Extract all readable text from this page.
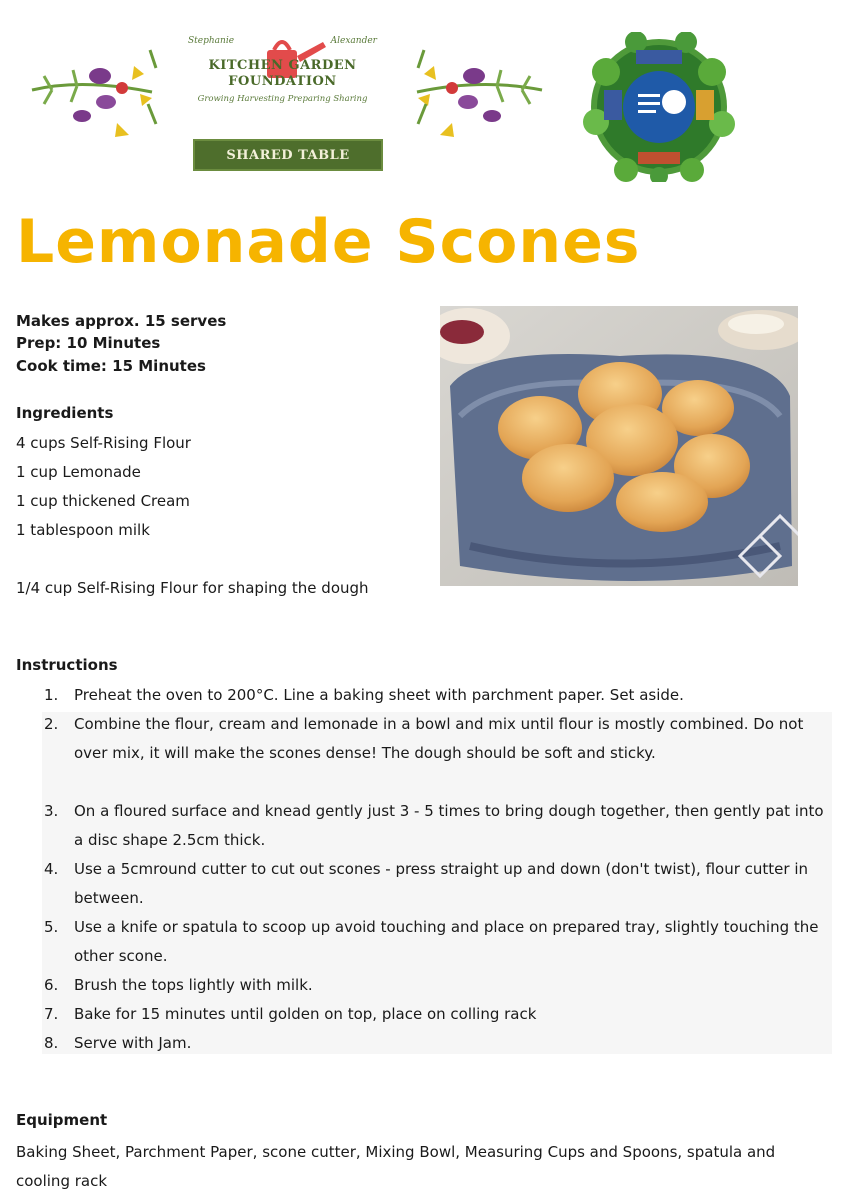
Stephanie	Alexander
KITCHEN GARDEN
FOUNDATION
Growing Harvesting Preparing Sharing
SHARED TABLE
Lemonade Scones
Makes approx. 15 serves
Prep: 10 Minutes
Cook time: 15 Minutes
Ingredients
4 cups Self-Rising Flour
1 cup Lemonade
1 cup thickened Cream
1 tablespoon milk
1/4 cup Self-Rising Flour for shaping the dough
Instructions
1. Preheat the oven to 200°C. Line a baking sheet with parchment paper. Set aside.
2. Combine the flour, cream and lemonade in a bowl and mix until flour is mostly combined. Do not over mix, it will make the scones dense! The dough should be soft and sticky.
3. On a floured surface and knead gently just 3 - 5 times to bring dough together, then gently pat into a disc shape 2.5cm thick.
4. Use a 5cmround cutter to cut out scones - press straight up and down (don't twist), flour cutter in between.
5. Use a knife or spatula to scoop up avoid touching and place on prepared tray, slightly touching the other scone.
6. Brush the tops lightly with milk.
7. Bake for 15 minutes until golden on top, place on colling rack
8. Serve with Jam.
Equipment
Baking Sheet, Parchment Paper, scone cutter, Mixing Bowl, Measuring Cups and Spoons, spatula and cooling rack
